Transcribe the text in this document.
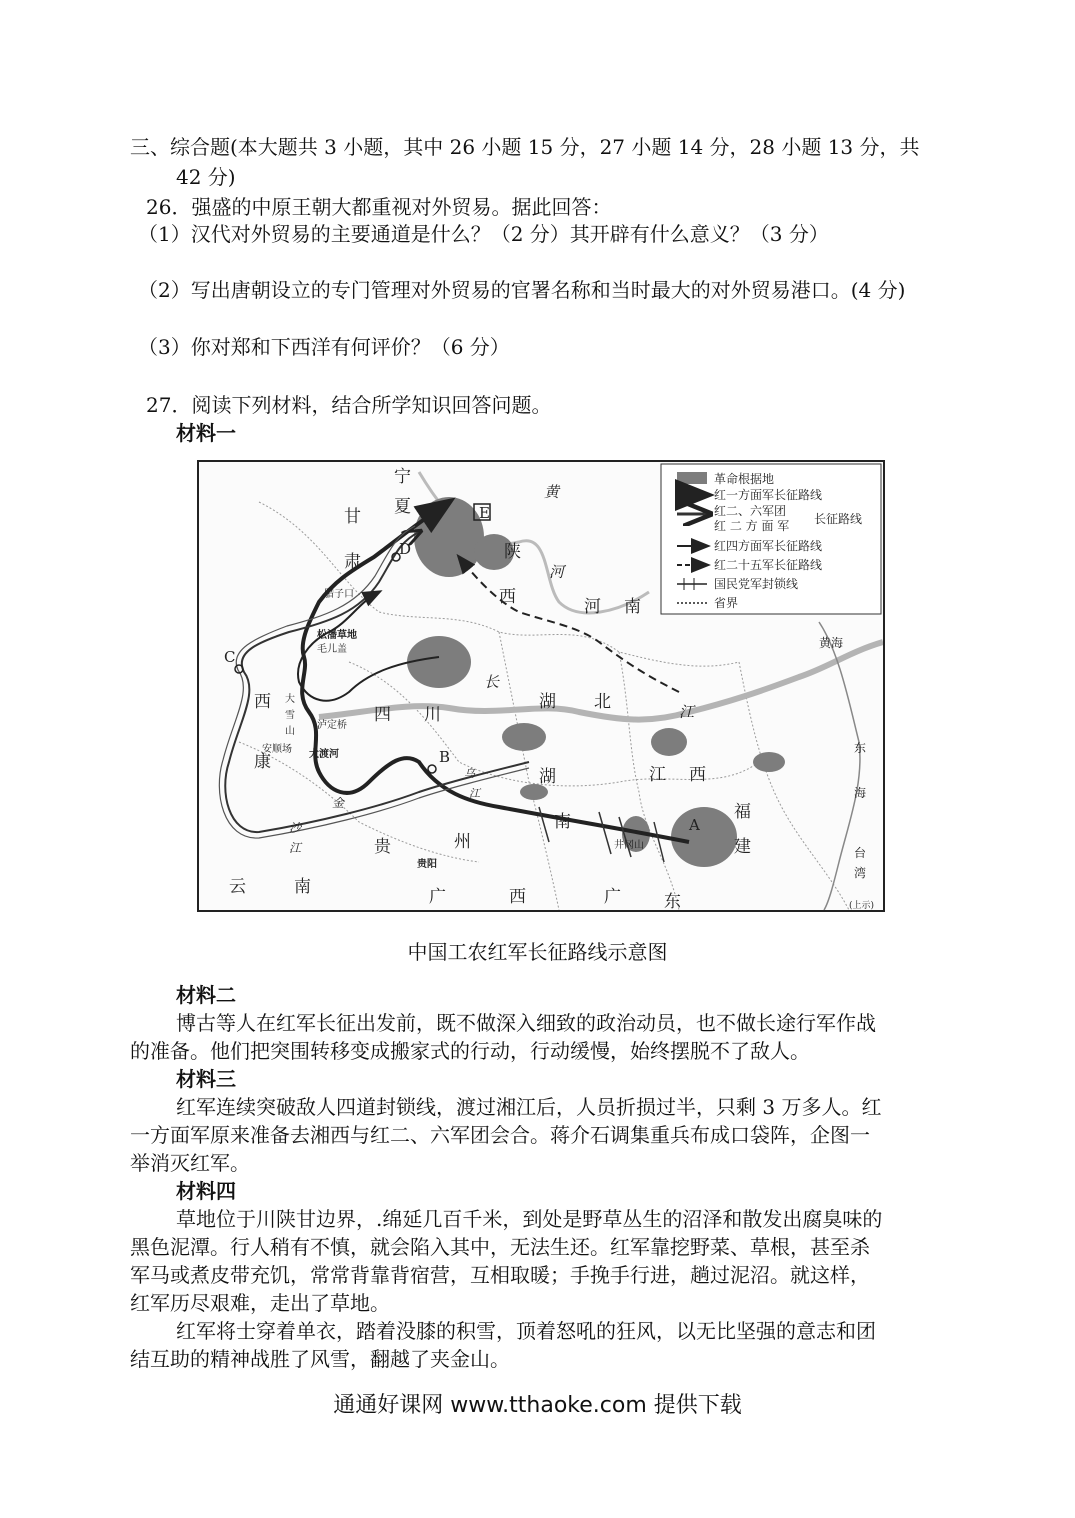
三、综合题(本大题共 3 小题，其中 26 小题 15 分，27 小题 14 分，28 小题 13 分，共
42 分)
26．强盛的中原王朝大都重视对外贸易。据此回答：
（1）汉代对外贸易的主要通道是什么？（2 分）其开辟有什么意义？（3 分）
（2）写出唐朝设立的专门管理对外贸易的官署名称和当时最大的对外贸易港口。(4 分)
（3）你对郑和下西洋有何评价？（6 分）
27．阅读下列材料，结合所学知识回答问题。
材料一
宁
夏
甘
肃	陕
西	河 南
四 川
湖 北
贵	州
湖
南
江 西
福
建
广	西	广	东
云	南
西
康
黄
河
长
江
乌
江
金
沙
江
黄海
东
海
台
湾
A
B
C
D
E
腊子口
松潘草地
毛儿盖
大
雪
山
泸定桥
安顺场 大渡河
井冈山
贵阳
(上示)
革命根据地
红一方面军长征路线
红二、六军团
红 二 方 面 军 长征路线
红四方面军长征路线
红二十五军长征路线
国民党军封锁线
省界
中国工农红军长征路线示意图
材料二
博古等人在红军长征出发前，既不做深入细致的政治动员，也不做长途行军作战
的准备。他们把突围转移变成搬家式的行动，行动缓慢，始终摆脱不了敌人。
材料三
红军连续突破敌人四道封锁线，渡过湘江后，人员折损过半，只剩 3 万多人。红
一方面军原来准备去湘西与红二、六军团会合。蒋介石调集重兵布成口袋阵，企图一
举消灭红军。
材料四
草地位于川陕甘边界，.绵延几百千米，到处是野草丛生的沼泽和散发出腐臭味的
黑色泥潭。行人稍有不慎，就会陷入其中，无法生还。红军靠挖野菜、草根，甚至杀
军马或煮皮带充饥，常常背靠背宿营，互相取暖；手挽手行进，趟过泥沼。就这样，
红军历尽艰难，走出了草地。
红军将士穿着单衣，踏着没膝的积雪，顶着怒吼的狂风，以无比坚强的意志和团
结互助的精神战胜了风雪，翻越了夹金山。
通通好课网 www.tthaoke.com 提供下载
